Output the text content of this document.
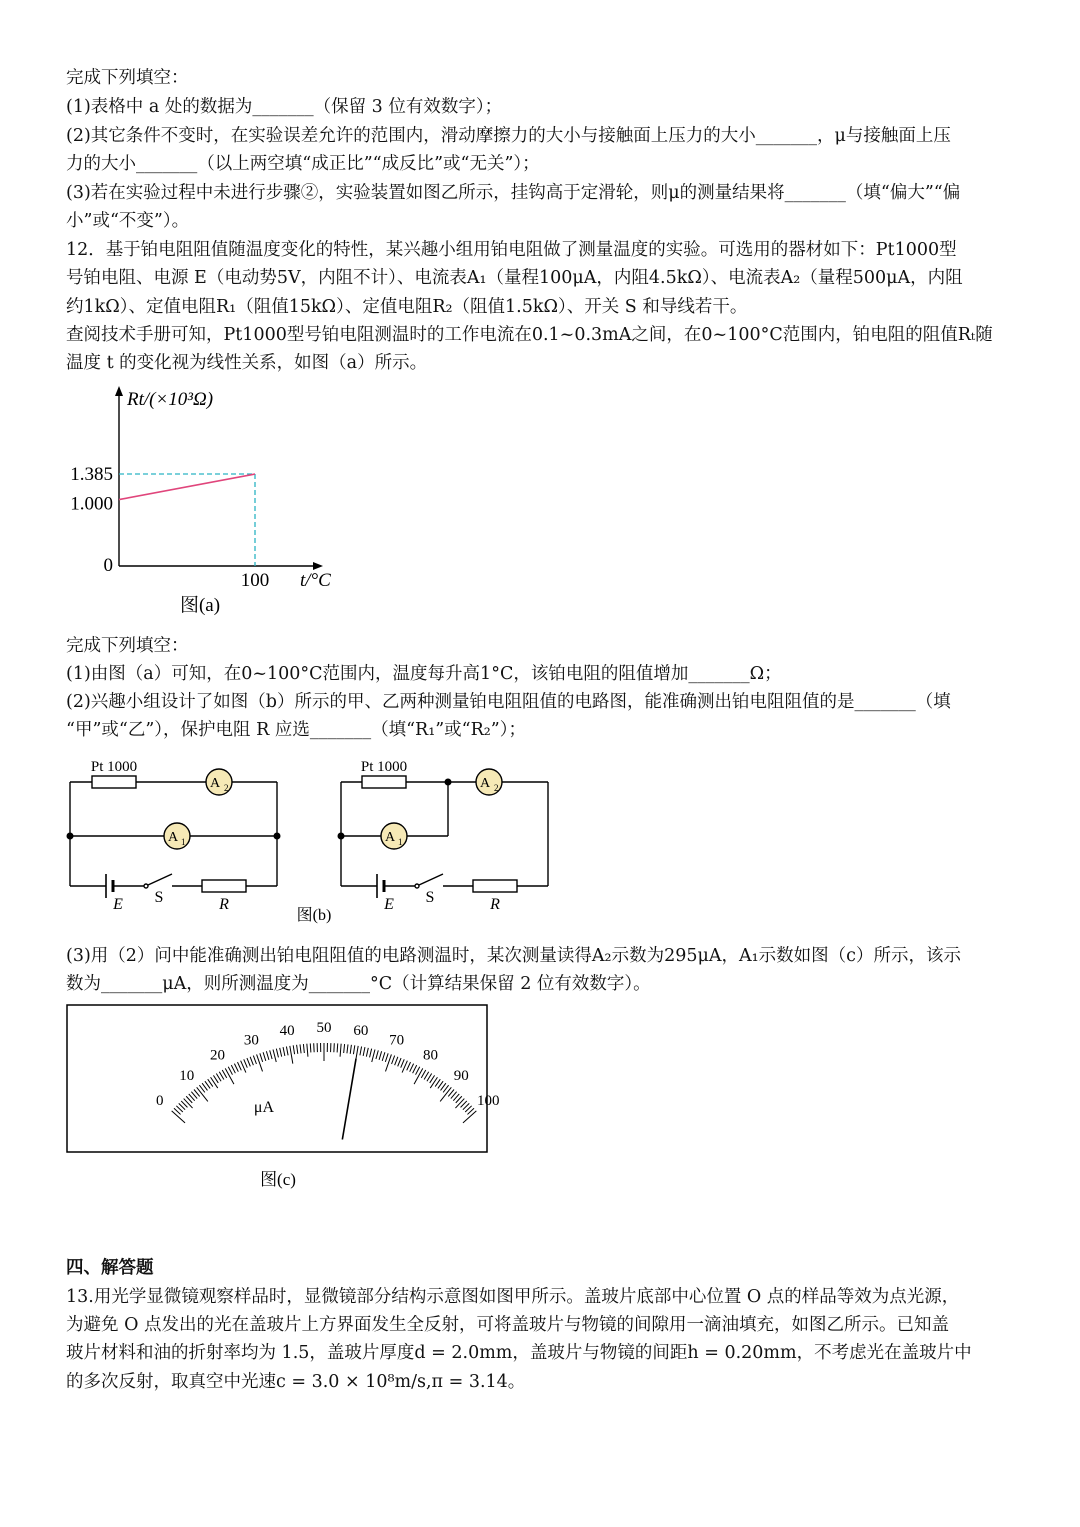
完成下列填空：
(1)表格中 a 处的数据为_______（保留 3 位有效数字）；
(2)其它条件不变时，在实验误差允许的范围内，滑动摩擦力的大小与接触面上压力的大小_______，μ与接触面上压
力的大小_______（以上两空填“成正比”“成反比”或“无关”）；
(3)若在实验过程中未进行步骤②，实验装置如图乙所示，挂钩高于定滑轮，则μ的测量结果将_______（填“偏大”“偏
小”或“不变”）。
12．基于铂电阻阻值随温度变化的特性，某兴趣小组用铂电阻做了测量温度的实验。可选用的器材如下：Pt1000型
号铂电阻、电源 E（电动势5V，内阻不计）、电流表A₁（量程100μA，内阻4.5kΩ）、电流表A₂（量程500μA，内阻
约1kΩ）、定值电阻R₁（阻值15kΩ）、定值电阻R₂（阻值1.5kΩ）、开关 S 和导线若干。
查阅技术手册可知，Pt1000型号铂电阻测温时的工作电流在0.1~0.3mA之间，在0~100°C范围内，铂电阻的阻值Rₜ随
温度 t 的变化视为线性关系，如图（a）所示。
Rt/(×10³Ω)
1.385
1.000
0
100 t/°C
图(a)
完成下列填空：
(1)由图（a）可知，在0~100°C范围内，温度每升高1°C，该铂电阻的阻值增加_______Ω；
(2)兴趣小组设计了如图（b）所示的甲、乙两种测量铂电阻阻值的电路图，能准确测出铂电阻阻值的是_______（填
“甲”或“乙”），保护电阻 R 应选_______（填“R₁”或“R₂”）；
Pt 1000
A 2
A 1
E S	R
Pt 1000
A 2
A 1
E S	R
图(b)
(3)用（2）问中能准确测出铂电阻阻值的电路测温时，某次测量读得A₂示数为295μA，A₁示数如图（c）所示，该示
数为_______μA，则所测温度为_______°C（计算结果保留 2 位有效数字）。
0
10
20
30
40 50 60
70
80
90
100
μA
图(c)
四、解答题
13.用光学显微镜观察样品时，显微镜部分结构示意图如图甲所示。盖玻片底部中心位置 O 点的样品等效为点光源，
为避免 O 点发出的光在盖玻片上方界面发生全反射，可将盖玻片与物镜的间隙用一滴油填充，如图乙所示。已知盖
玻片材料和油的折射率均为 1.5，盖玻片厚度d = 2.0mm，盖玻片与物镜的间距h = 0.20mm，不考虑光在盖玻片中
的多次反射，取真空中光速c = 3.0 × 10⁸m/s,π = 3.14。
